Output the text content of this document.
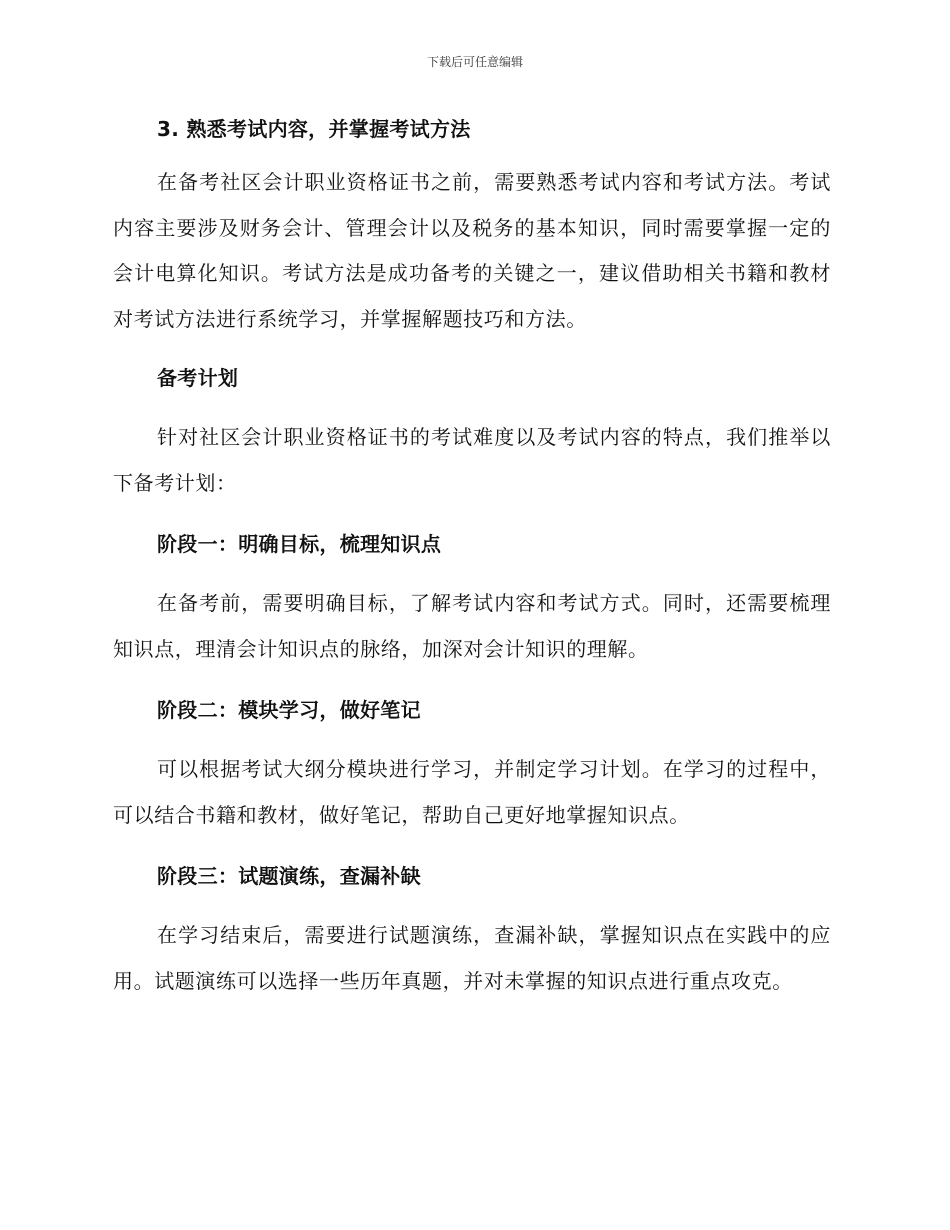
下载后可任意编辑

3. 熟悉考试内容，并掌握考试方法

在备考社区会计职业资格证书之前，需要熟悉考试内容和考试方法。考试内容主要涉及财务会计、管理会计以及税务的基本知识，同时需要掌握一定的会计电算化知识。考试方法是成功备考的关键之一，建议借助相关书籍和教材对考试方法进行系统学习，并掌握解题技巧和方法。

备考计划

针对社区会计职业资格证书的考试难度以及考试内容的特点，我们推举以下备考计划：

阶段一：明确目标，梳理知识点

在备考前，需要明确目标，了解考试内容和考试方式。同时，还需要梳理知识点，理清会计知识点的脉络，加深对会计知识的理解。

阶段二：模块学习，做好笔记

可以根据考试大纲分模块进行学习，并制定学习计划。在学习的过程中，可以结合书籍和教材，做好笔记，帮助自己更好地掌握知识点。

阶段三：试题演练，查漏补缺

在学习结束后，需要进行试题演练，查漏补缺，掌握知识点在实践中的应用。试题演练可以选择一些历年真题，并对未掌握的知识点进行重点攻克。
